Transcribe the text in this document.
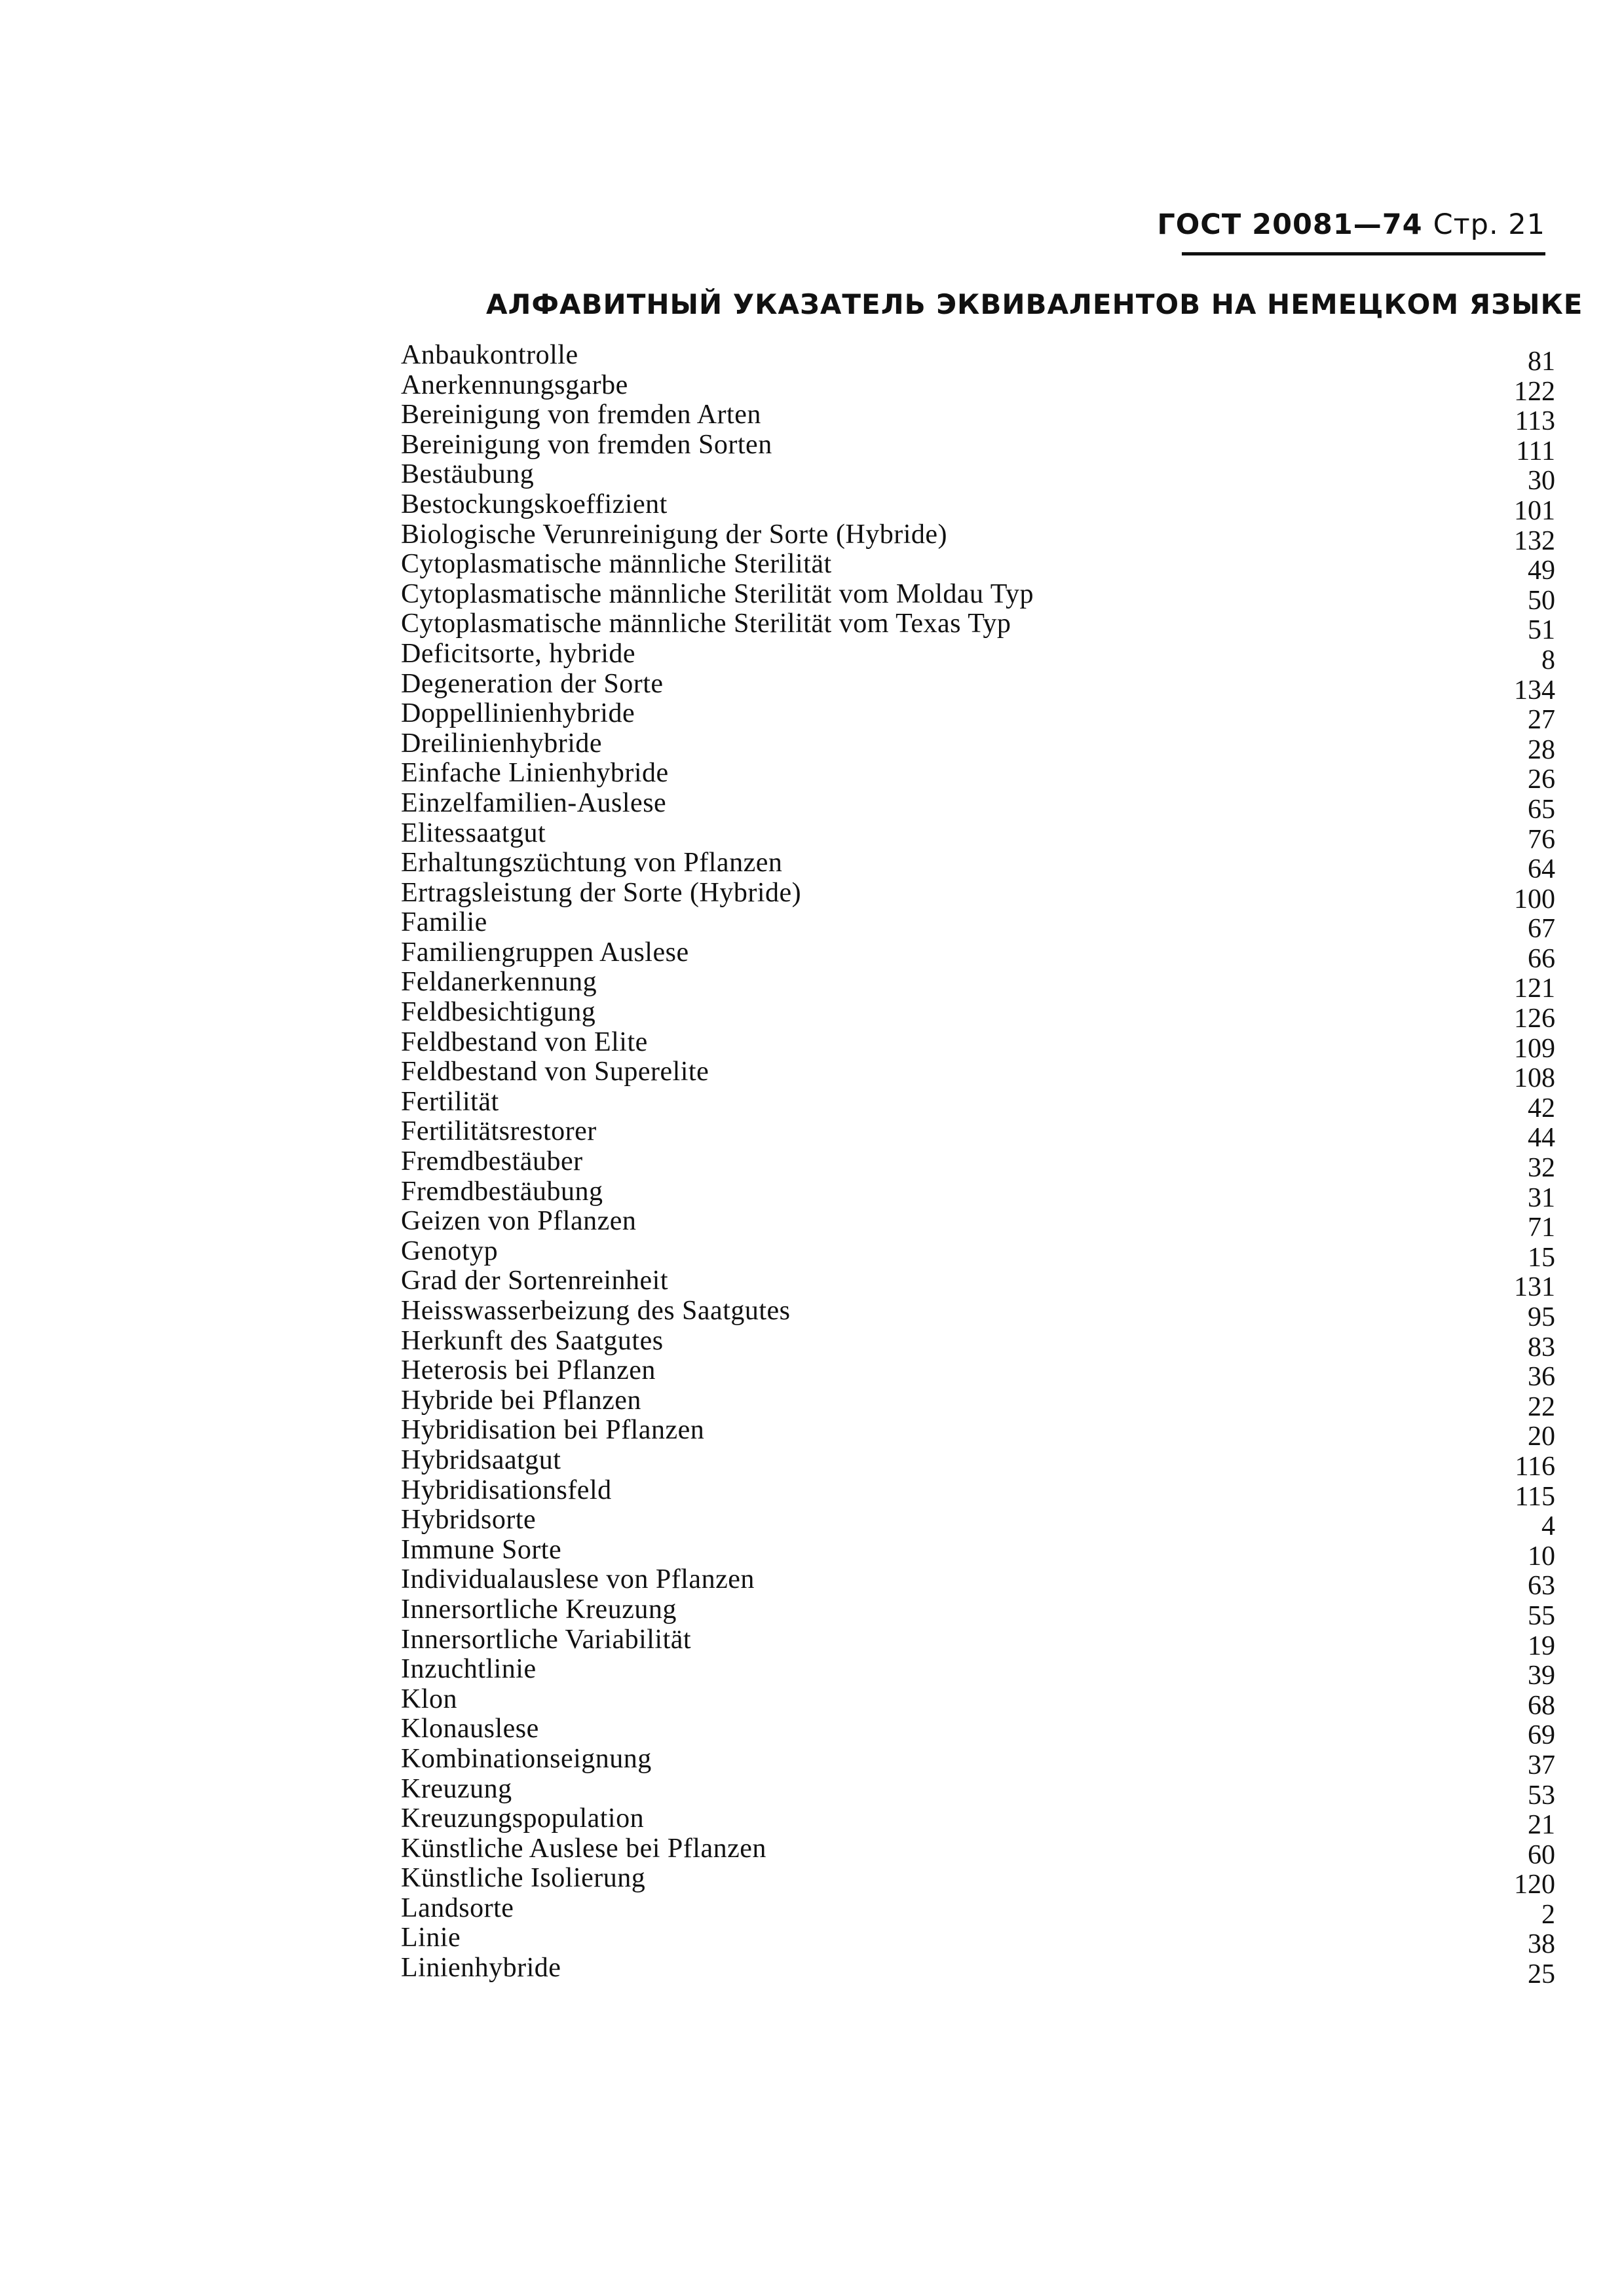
ГОСТ 20081—74 Стр. 21
АЛФАВИТНЫЙ УКАЗАТЕЛЬ ЭКВИВАЛЕНТОВ НА НЕМЕЦКОМ ЯЗЫКЕ
Anbaukontrolle	81
Anerkennungsgarbe	122
Bereinigung von fremden Arten	113
Bereinigung von fremden Sorten	111
Bestäubung	30
Bestockungskoeffizient	101
Biologische Verunreinigung der Sorte (Hybride)	132
Cytoplasmatische männliche Sterilität	49
Cytoplasmatische männliche Sterilität vom Moldau Typ	50
Cytoplasmatische männliche Sterilität vom Texas Typ	51
Deficitsorte, hybride	8
Degeneration der Sorte	134
Doppellinienhybride	27
Dreilinienhybride	28
Einfache Linienhybride	26
Einzelfamilien-Auslese	65
Elitessaatgut	76
Erhaltungszüchtung von Pflanzen	64
Ertragsleistung der Sorte (Hybride)	100
Familie	67
Familiengruppen Auslese	66
Feldanerkennung	121
Feldbesichtigung	126
Feldbestand von Elite	109
Feldbestand von Superelite	108
Fertilität	42
Fertilitätsrestorer	44
Fremdbestäuber	32
Fremdbestäubung	31
Geizen von Pflanzen	71
Genotyp	15
Grad der Sortenreinheit	131
Heisswasserbeizung des Saatgutes	95
Herkunft des Saatgutes	83
Heterosis bei Pflanzen	36
Hybride bei Pflanzen	22
Hybridisation bei Pflanzen	20
Hybridsaatgut	116
Hybridisationsfeld	115
Hybridsorte	4
Immune Sorte	10
Individualauslese von Pflanzen	63
Innersortliche Kreuzung	55
Innersortliche Variabilität	19
Inzuchtlinie	39
Klon	68
Klonauslese	69
Kombinationseignung	37
Kreuzung	53
Kreuzungspopulation	21
Künstliche Auslese bei Pflanzen	60
Künstliche Isolierung	120
Landsorte	2
Linie	38
Linienhybride	25
